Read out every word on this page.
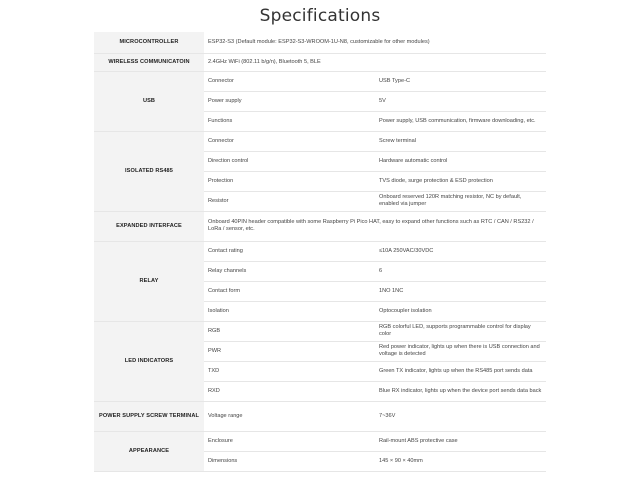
Specifications
MICROCONTROLLER	ESP32-S3 (Default module: ESP32-S3-WROOM-1U-N8, customizable for other modules)	
WIRELESS COMMUNICATOIN	2.4GHz WiFi (802.11 b/g/n), Bluetooth 5, BLE	
USB	Connector	USB Type-C
	Power supply	5V
	Functions	Power supply, USB communication, firmware downloading, etc.
ISOLATED RS485	Connector	Screw terminal
	Direction control	Hardware automatic control
	Protection	TVS diode, surge protection & ESD protection
	Resistor	Onboard reserved 120R matching resistor, NC by default, enabled via jumper
EXPANDED INTERFACE	Onboard 40PIN header compatible with some Raspberry Pi Pico HAT, easy to expand other functions such as RTC / CAN / RS232 / LoRa / sensor, etc.	
RELAY	Contact rating	≤10A 250VAC/30VDC
	Relay channels	6
	Contact form	1NO 1NC
	Isolation	Optocoupler isolation
LED INDICATORS	RGB	RGB colorful LED, supports programmable control for display color
	PWR	Red power indicator, lights up when there is USB connection and voltage is detected
	TXD	Green TX indicator, lights up when the RS485 port sends data
	RXD	Blue RX indicator, lights up when the device port sends data back
POWER SUPPLY SCREW TERMINAL	Voltage range	7~36V
APPEARANCE	Enclosure	Rail-mount ABS protective case
	Dimensions	145 × 90 × 40mm
